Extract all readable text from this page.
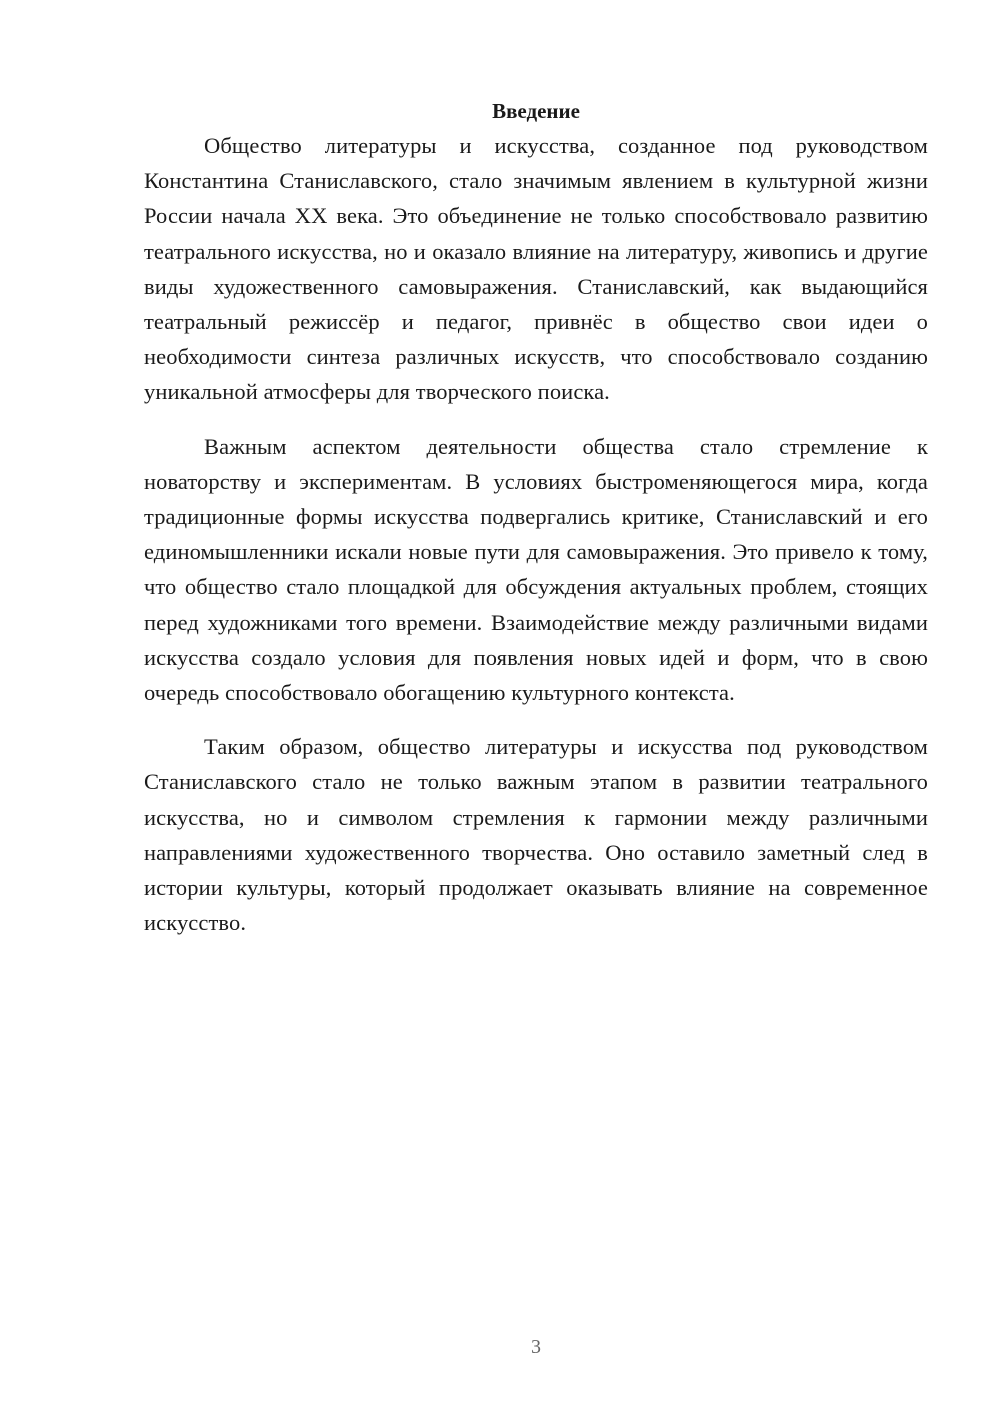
Введение

Общество литературы и искусства, созданное под руководством Константина Станиславского, стало значимым явлением в культурной жизни России начала XX века. Это объединение не только способствовало развитию театрального искусства, но и оказало влияние на литературу, живопись и другие виды художественного самовыражения. Станиславский, как выдающийся театральный режиссёр и педагог, привнёс в общество свои идеи о необходимости синтеза различных искусств, что способствовало созданию уникальной атмосферы для творческого поиска.

Важным аспектом деятельности общества стало стремление к новаторству и экспериментам. В условиях быстроменяющегося мира, когда традиционные формы искусства подвергались критике, Станиславский и его единомышленники искали новые пути для самовыражения. Это привело к тому, что общество стало площадкой для обсуждения актуальных проблем, стоящих перед художниками того времени. Взаимодействие между различными видами искусства создало условия для появления новых идей и форм, что в свою очередь способствовало обогащению культурного контекста.

Таким образом, общество литературы и искусства под руководством Станиславского стало не только важным этапом в развитии театрального искусства, но и символом стремления к гармонии между различными направлениями художественного творчества. Оно оставило заметный след в истории культуры, который продолжает оказывать влияние на современное искусство.

3
